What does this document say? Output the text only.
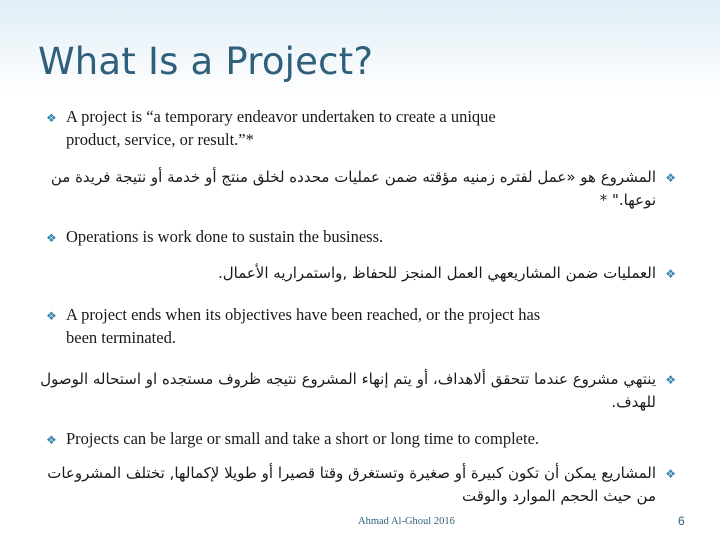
What Is a Project?
❖ A project is “a temporary endeavor undertaken to create a unique
product, service, or result.”*
❖المشروع هو «عمل لفتره زمنيه مؤقته ضمن عمليات محدده لخلق منتج أو خدمة أو نتيجة فريدة من
نوعها." *
❖ Operations is work done to sustain the business.
❖العمليات ضمن المشاريعهي العمل المنجز للحفاظ ,واستمراريه الأعمال.
❖ A project ends when its objectives have been reached, or the project has
been terminated.
❖ينتهي مشروع عندما تتحقق ألاهداف، أو يتم إنهاء المشروع نتيجه ظروف مستجده او استحاله الوصول
للهدف.
❖ Projects can be large or small and take a short or long time to complete.
❖المشاريع يمكن أن تكون كبيرة أو صغيرة وتستغرق وقتا قصيرا أو طويلا لإكمالها, تختلف المشروعات
من حيث الحجم الموارد والوقت
Ahmad Al-Ghoul 2016	6
